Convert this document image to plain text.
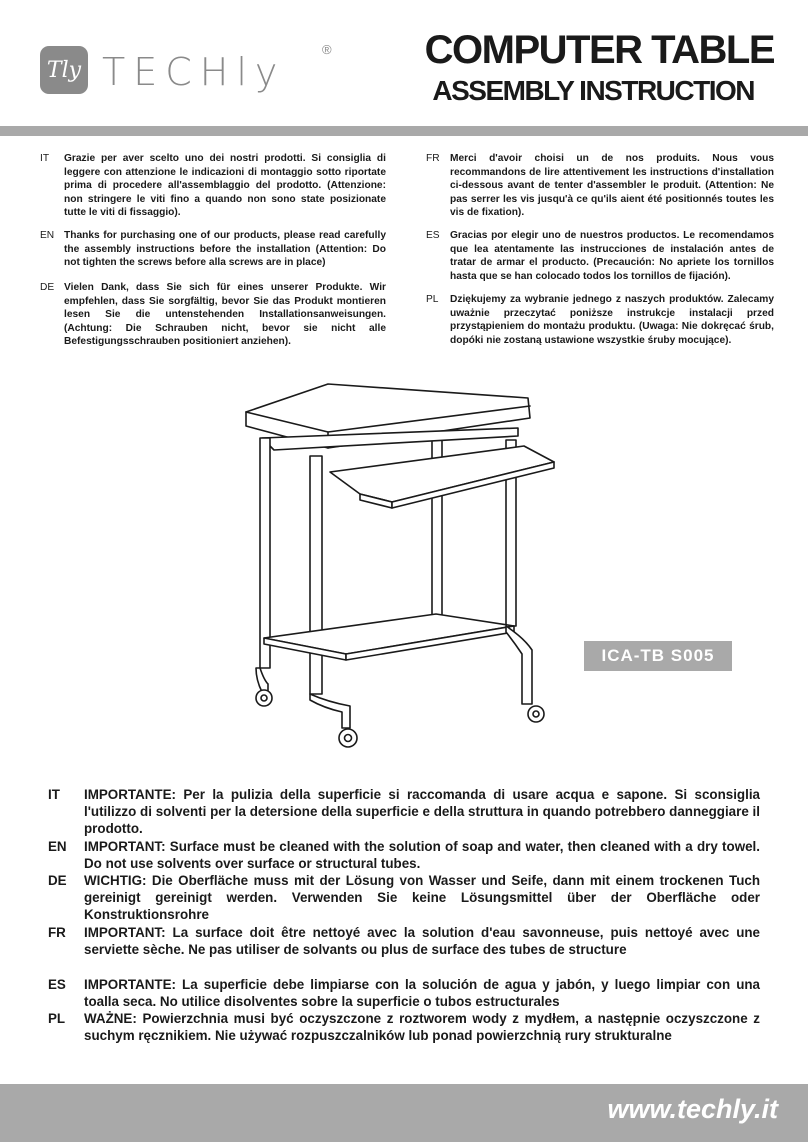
Tly TECHly
® COMPUTER TABLE
ASSEMBLY INSTRUCTION
IT Grazie per aver scelto uno dei nostri prodotti. Si consiglia di leggere con attenzione le indicazioni di montaggio sotto riportate prima di procedere all'assemblaggio del prodotto. (Attenzione: non stringere le viti fino a quando non sono state posizionate tutte le viti di fissaggio).
EN Thanks for purchasing one of our products, please read carefully the assembly instructions before the installation (Attention: Do not tighten the screws before alla screws are in place)
DE Vielen Dank, dass Sie sich für eines unserer Produkte. Wir empfehlen, dass Sie sorgfältig, bevor Sie das Produkt montieren lesen Sie die untenstehenden Installationsanweisungen. (Achtung: Die Schrauben nicht, bevor sie nicht alle Befestigungsschrauben positioniert anziehen).
FR Merci d'avoir choisi un de nos produits. Nous vous recommandons de lire attentivement les instructions d'installation ci-dessous avant de tenter d'assembler le produit. (Attention: Ne pas serrer les vis jusqu'à ce qu'ils aient été positionnés toutes les vis de fixation).
ES Gracias por elegir uno de nuestros productos. Le recomendamos que lea atentamente las instrucciones de instalación antes de tratar de armar el producto. (Precaución: No apriete los tornillos hasta que se han colocado todos los tornillos de fijación).
PL Dziękujemy za wybranie jednego z naszych produktów. Zalecamy uważnie przeczytać poniższe instrukcje instalacji przed przystąpieniem do montażu produktu. (Uwaga: Nie dokręcać śrub, dopóki nie zostaną ustawione wszystkie śruby mocujące).
ICA-TB S005
IT IMPORTANTE: Per la pulizia della superficie si raccomanda di usare acqua e sapone. Si sconsiglia l'utilizzo di solventi per la detersione della superficie e della struttura in quando potrebbero danneggiare il prodotto.
EN IMPORTANT: Surface must be cleaned with the solution of soap and water, then cleaned with a dry towel. Do not use solvents over surface or structural tubes.
DE WICHTIG: Die Oberfläche muss mit der Lösung von Wasser und Seife, dann mit einem trockenen Tuch gereinigt gereinigt werden. Verwenden Sie keine Lösungsmittel über der Oberfläche oder Konstruktionsrohre
FR IMPORTANT: La surface doit être nettoyé avec la solution d'eau savonneuse, puis nettoyé avec une serviette sèche. Ne pas utiliser de solvants ou plus de surface des tubes de structure
ES IMPORTANTE: La superficie debe limpiarse con la solución de agua y jabón, y luego limpiar con una toalla seca. No utilice disolventes sobre la superficie o tubos estructurales
PL WAŻNE: Powierzchnia musi być oczyszczone z roztworem wody z mydłem, a następnie oczyszczone z suchym ręcznikiem. Nie używać rozpuszczalników lub ponad powierzchnią rury strukturalne
www.techly.it
